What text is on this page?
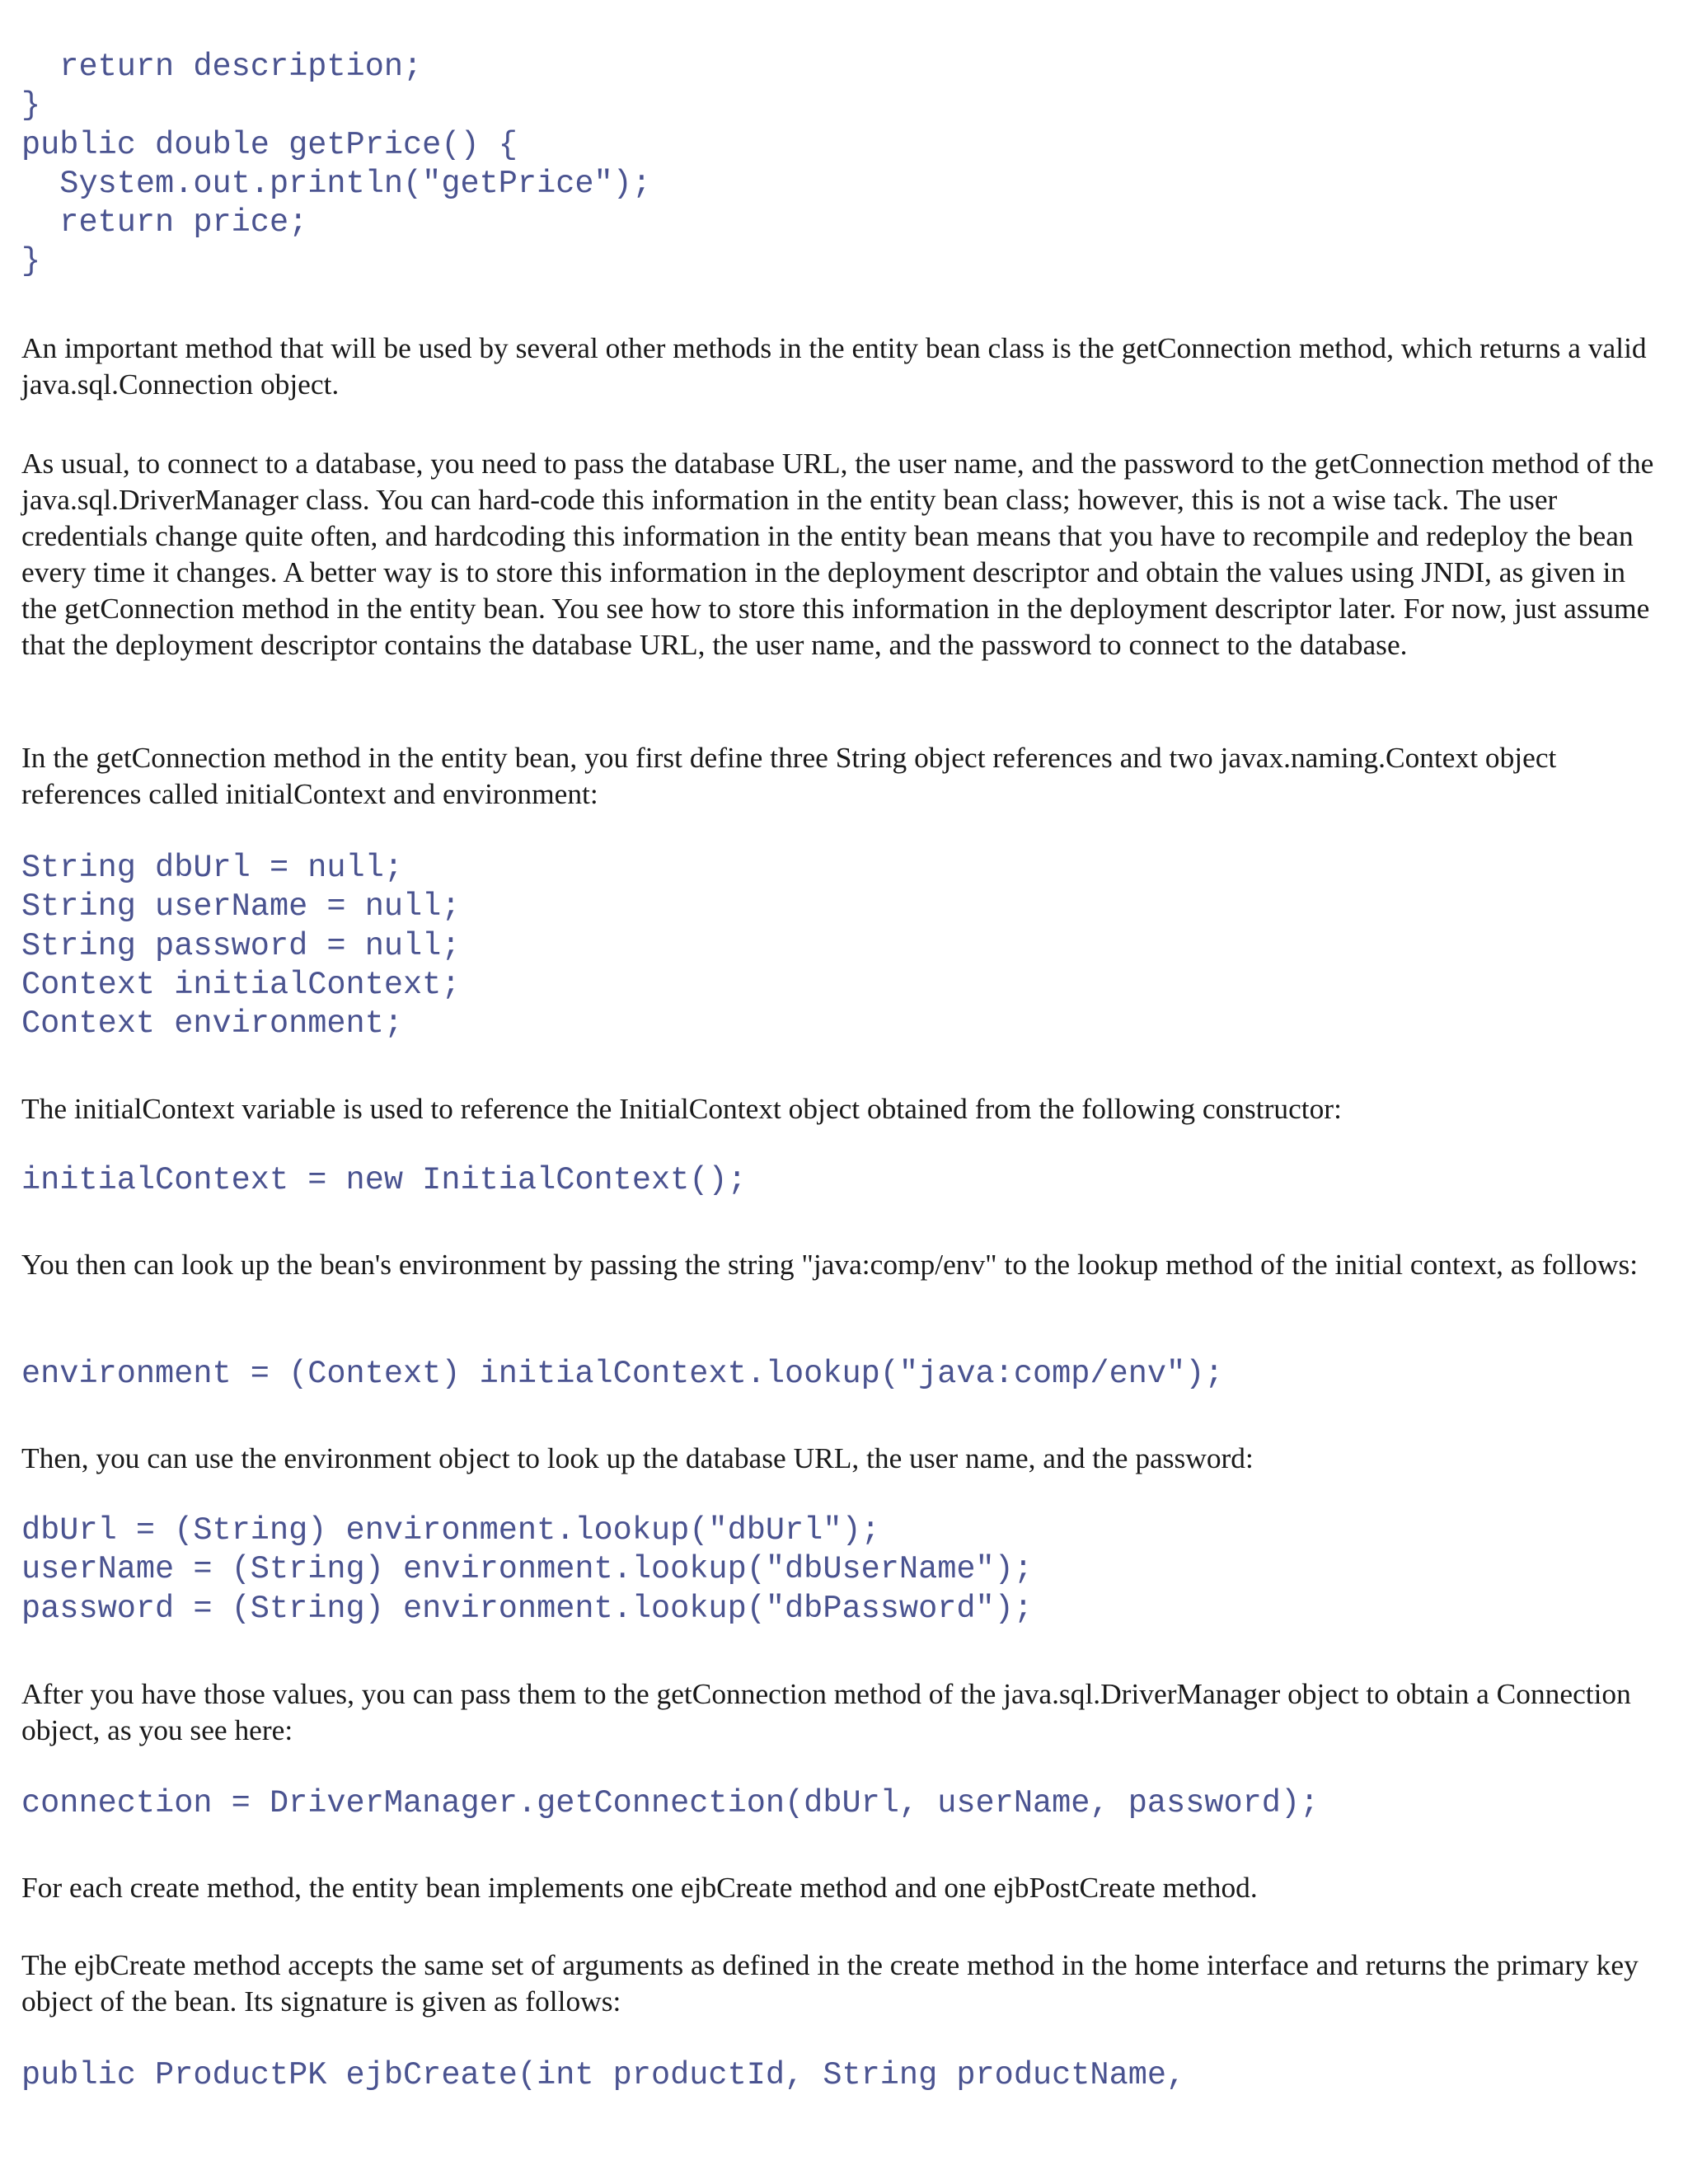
return description;
}
public double getPrice() {
System.out.println("getPrice");
return price;
}

An important method that will be used by several other methods in the entity bean class is the getConnection method, which returns a valid java.sql.Connection object.

As usual, to connect to a database, you need to pass the database URL, the user name, and the password to the getConnection method of the java.sql.DriverManager class. You can hard-code this information in the entity bean class; however, this is not a wise tack. The user credentials change quite often, and hardcoding this information in the entity bean means that you have to recompile and redeploy the bean every time it changes. A better way is to store this information in the deployment descriptor and obtain the values using JNDI, as given in the getConnection method in the entity bean. You see how to store this information in the deployment descriptor later. For now, just assume that the deployment descriptor contains the database URL, the user name, and the password to connect to the database.

In the getConnection method in the entity bean, you first define three String object references and two javax.naming.Context object references called initialContext and environment:

String dbUrl = null;
String userName = null;
String password = null;
Context initialContext;
Context environment;

The initialContext variable is used to reference the InitialContext object obtained from the following constructor:

initialContext = new InitialContext();

You then can look up the bean's environment by passing the string "java:comp/env" to the lookup method of the initial context, as follows:

environment = (Context) initialContext.lookup("java:comp/env");

Then, you can use the environment object to look up the database URL, the user name, and the password:

dbUrl = (String) environment.lookup("dbUrl");
userName = (String) environment.lookup("dbUserName");
password = (String) environment.lookup("dbPassword");

After you have those values, you can pass them to the getConnection method of the java.sql.DriverManager object to obtain a Connection object, as you see here:

connection = DriverManager.getConnection(dbUrl, userName, password);

For each create method, the entity bean implements one ejbCreate method and one ejbPostCreate method.

The ejbCreate method accepts the same set of arguments as defined in the create method in the home interface and returns the primary key object of the bean. Its signature is given as follows:

public ProductPK ejbCreate(int productId, String productName,
